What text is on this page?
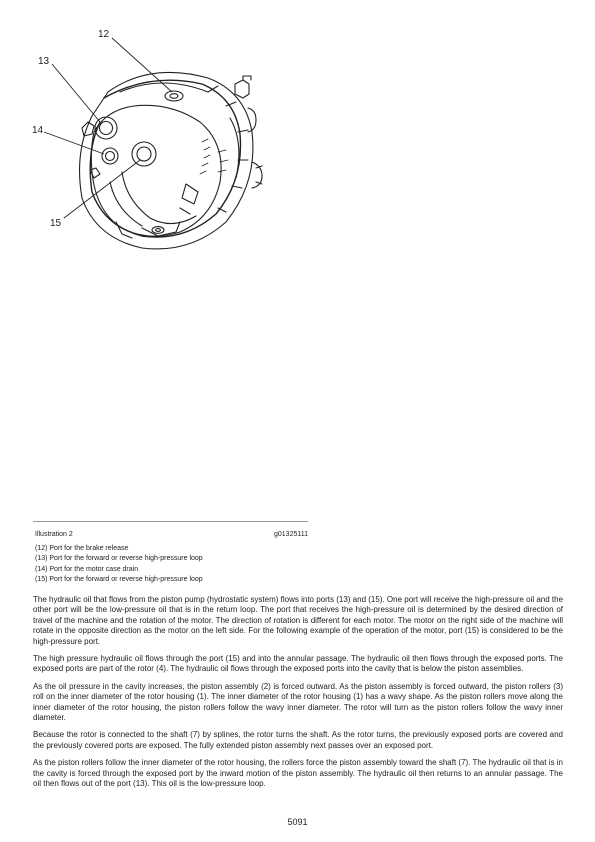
12
13
14
15
Illustration 2	g01325111
(12) Port for the brake release
(13) Port for the forward or reverse high-pressure loop
(14) Port for the motor case drain
(15) Port for the forward or reverse high-pressure loop

The hydraulic oil that flows from the piston pump (hydrostatic system) flows into ports (13) and (15). One port will receive the high-pressure oil and the other port will be the low-pressure oil that is in the return loop. The port that receives the high-pressure oil is determined by the desired direction of travel of the machine and the rotation of the motor. The direction of rotation is different for each motor. The motor on the right side of the machine will rotate in the opposite direction as the motor on the left side. For the following example of the operation of the motor, port (15) is considered to be the high-pressure port.

The high pressure hydraulic oil flows through the port (15) and into the annular passage. The hydraulic oil then flows through the exposed ports. The exposed ports are part of the rotor (4). The hydraulic oil flows through the exposed ports into the cavity that is below the piston assemblies.

As the oil pressure in the cavity increases, the piston assembly (2) is forced outward. As the piston assembly is forced outward, the piston rollers (3) roll on the inner diameter of the rotor housing (1). The inner diameter of the rotor housing (1) has a wavy shape. As the piston rollers move along the inner diameter of the rotor housing, the piston rollers follow the wavy inner diameter. The rotor will turn as the piston rollers follow the wavy inner diameter.

Because the rotor is connected to the shaft (7) by splines, the rotor turns the shaft. As the rotor turns, the previously exposed ports are covered and the previously covered ports are exposed. The fully extended piston assembly next passes over an exposed port.

As the piston rollers follow the inner diameter of the rotor housing, the rollers force the piston assembly toward the shaft (7). The hydraulic oil that is in the cavity is forced through the exposed port by the inward motion of the piston assembly. The hydraulic oil then returns to an annular passage. The oil then flows out of the port (13). This oil is the low-pressure loop.

5091
